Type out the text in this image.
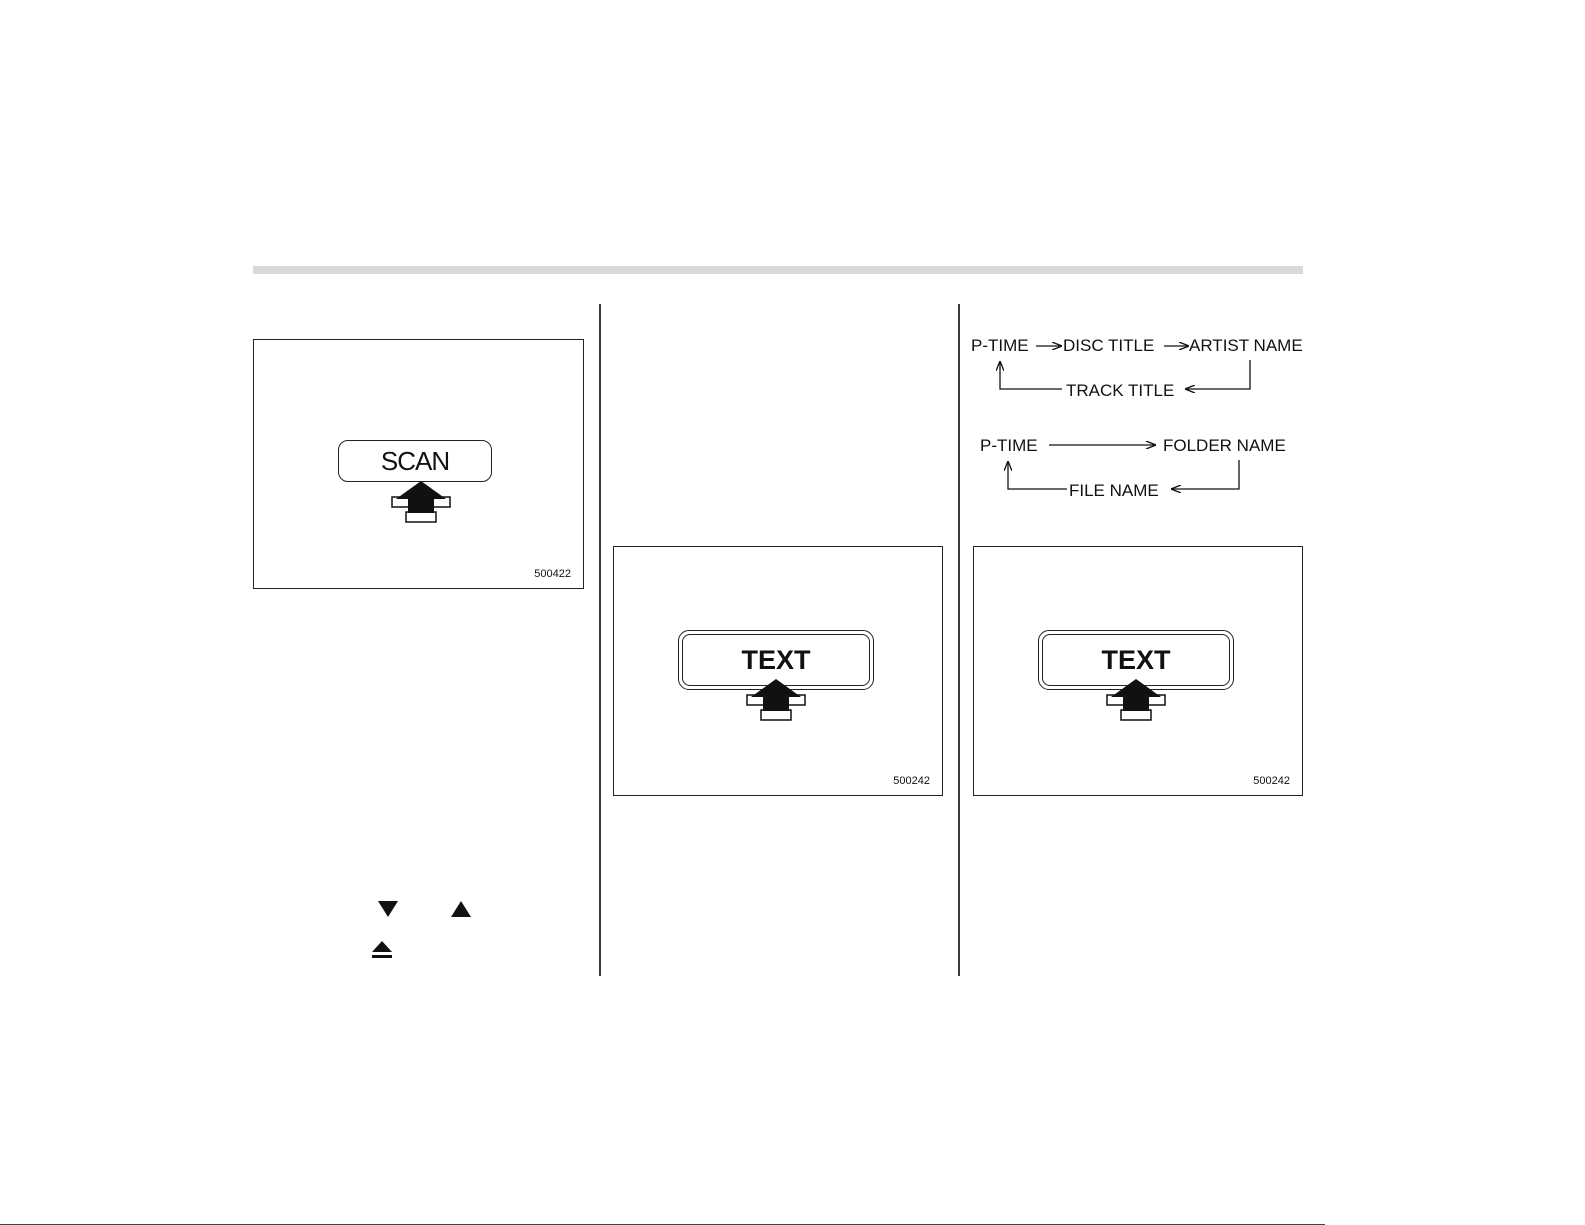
SCAN
500422
TEXT
500242
TEXT
500242
P-TIME DISC TITLE ARTIST NAME
TRACK TITLE
P-TIME	FOLDER NAME
FILE NAME
